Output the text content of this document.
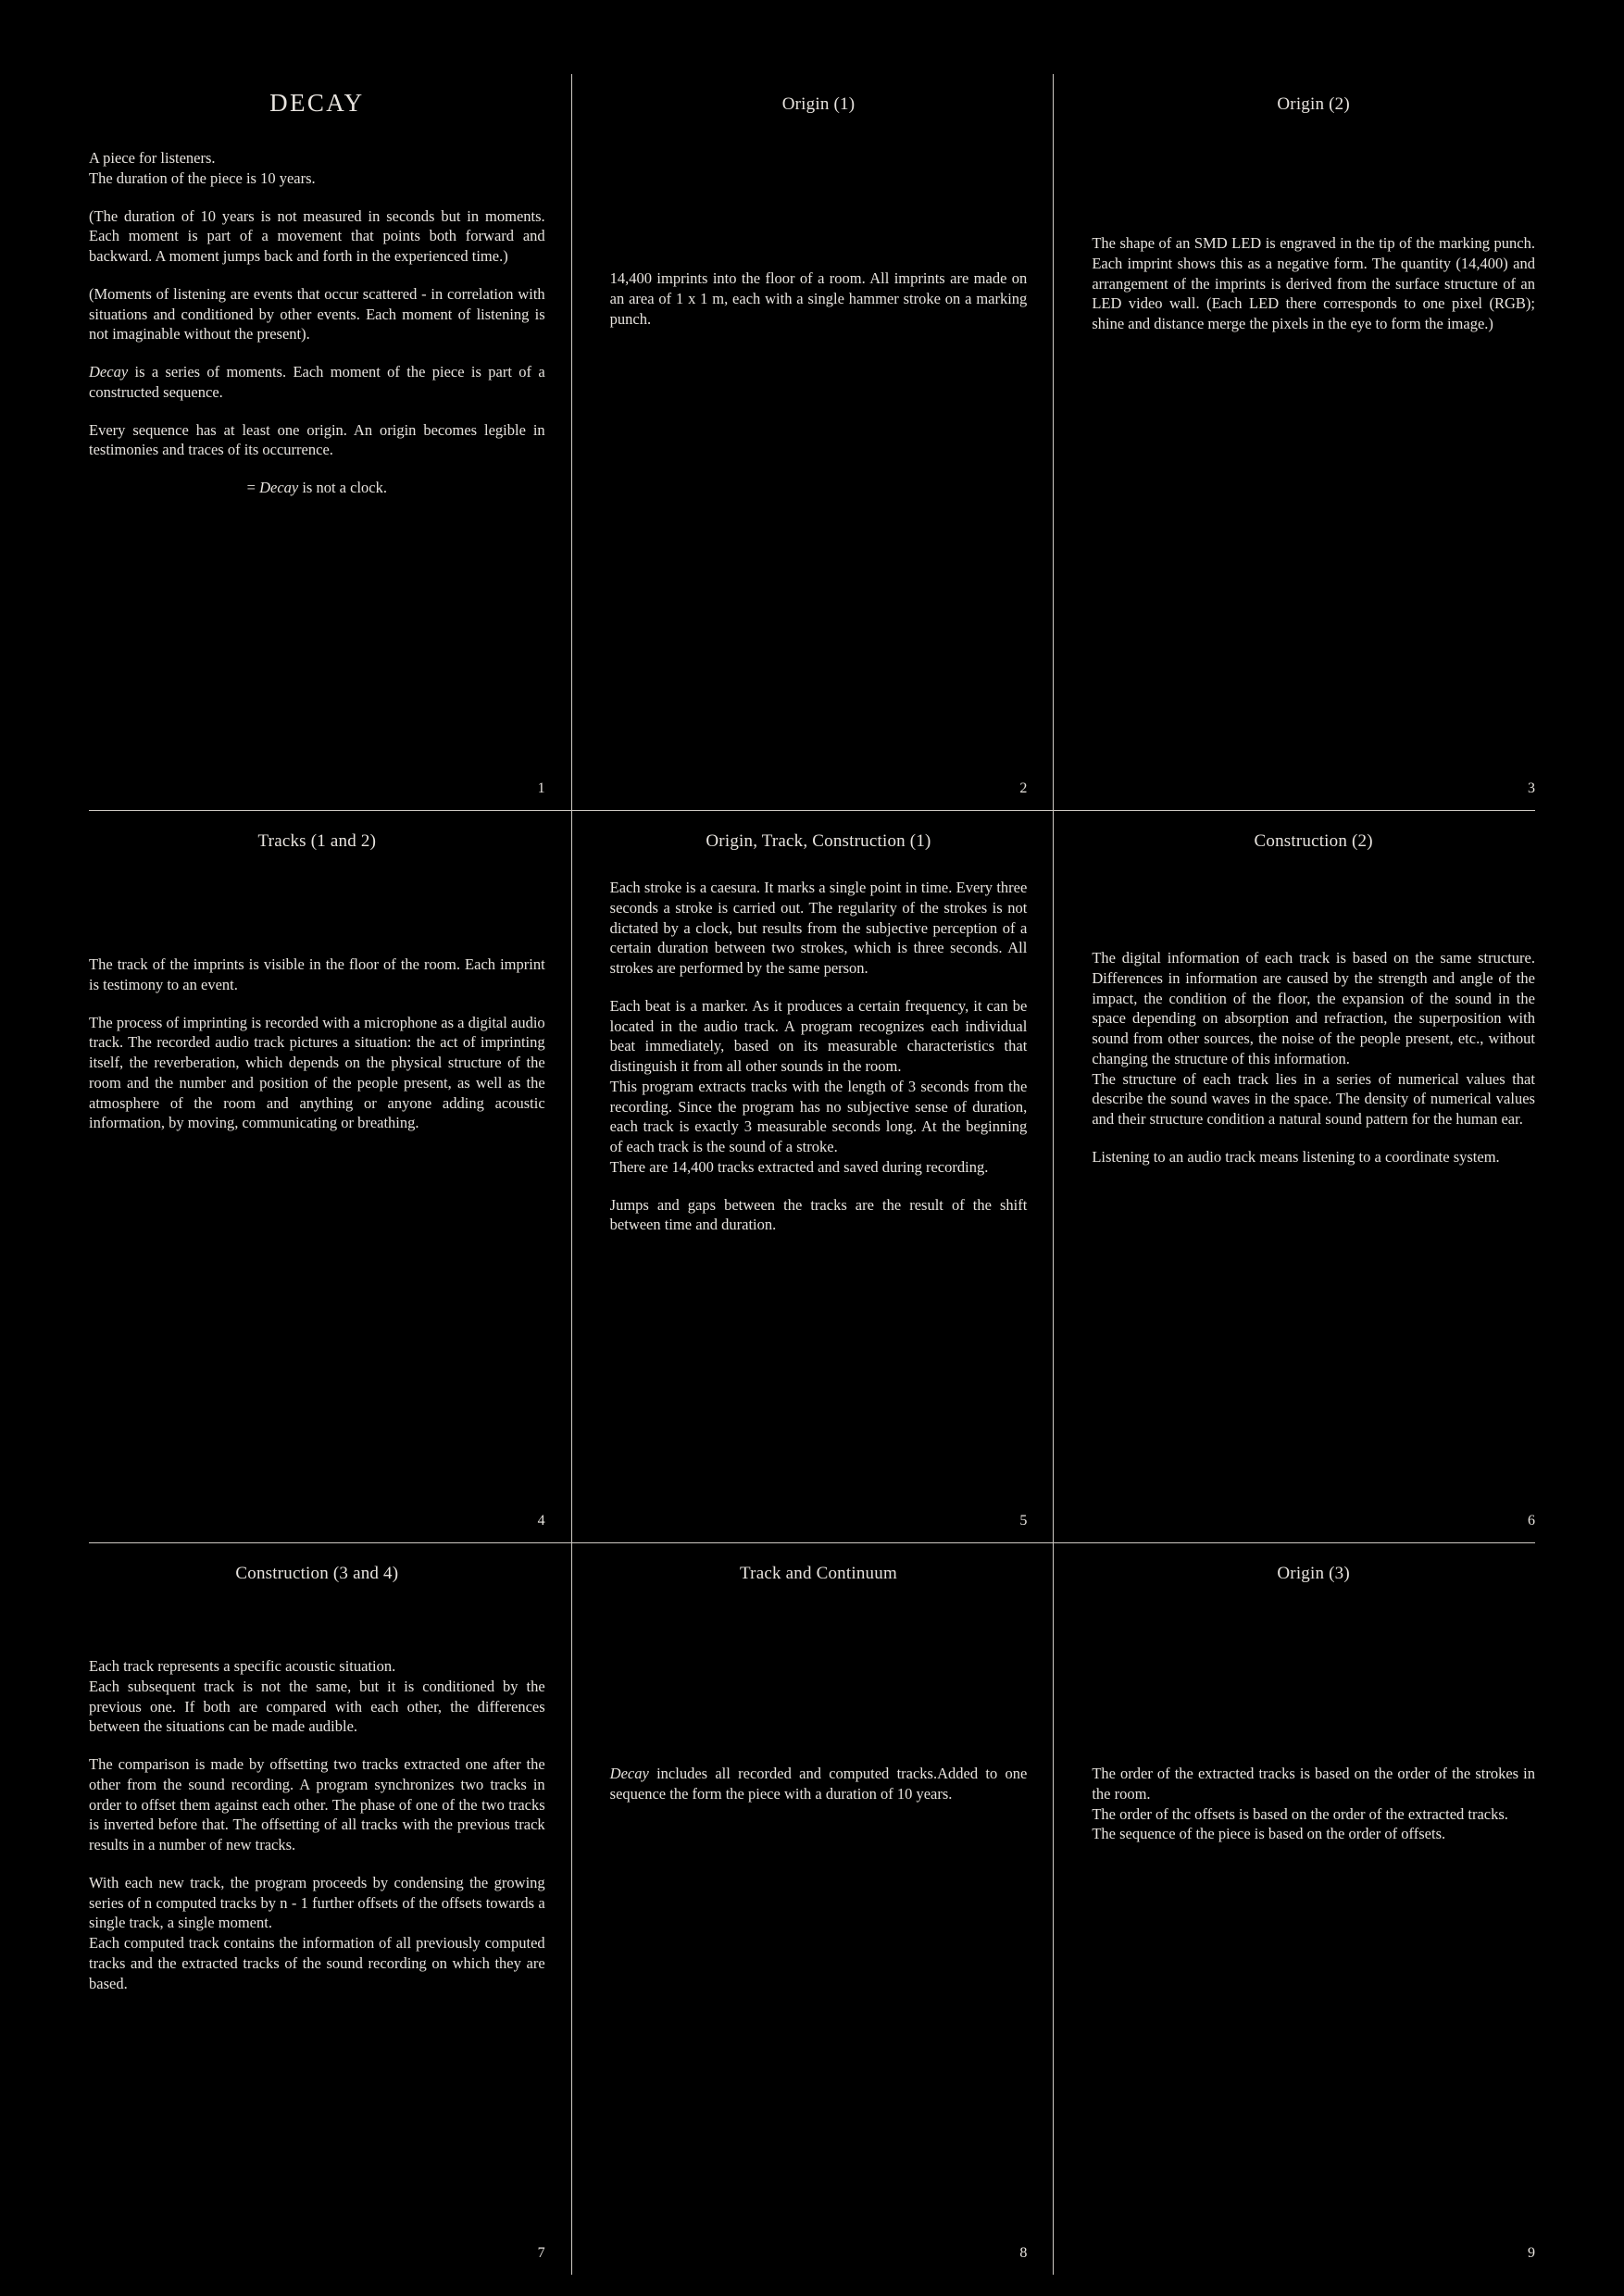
DECAY

A piece for listeners.

The duration of the piece is 10 years.

(The duration of 10 years is not measured in seconds but in moments. Each moment is part of a movement that points both forward and backward. A moment jumps back and forth in the experienced time.)

(Moments of listening are events that occur scattered - in correlation with situations and conditioned by other events. Each moment of listening is not imaginable without the present).

Decay is a series of moments. Each moment of the piece is part of a constructed sequence.

Every sequence has at least one origin. An origin becomes legible in testimonies and traces of its occurrence.

= Decay is not a clock.

1
Origin (1)

14,400 imprints into the floor of a room. All imprints are made on an area of 1 x 1 m, each with a single hammer stroke on a marking punch.

2
Origin (2)

The shape of an SMD LED is engraved in the tip of the marking punch. Each imprint shows this as a negative form. The quantity (14,400) and arrangement of the imprints is derived from the surface structure of an LED video wall. (Each LED there corresponds to one pixel (RGB); shine and distance merge the pixels in the eye to form the image.)

3
Tracks (1 and 2)

The track of the imprints is visible in the floor of the room. Each imprint is testimony to an event.

The process of imprinting is recorded with a microphone as a digital audio track. The recorded audio track pictures a situation: the act of imprinting itself, the reverberation, which depends on the physical structure of the room and the number and position of the people present, as well as the atmosphere of the room and anything or anyone adding acoustic information, by moving, communicating or breathing.

4
Origin, Track, Construction (1)

Each stroke is a caesura. It marks a single point in time. Every three seconds a stroke is carried out. The regularity of the strokes is not dictated by a clock, but results from the subjective perception of a certain duration between two strokes, which is three seconds. All strokes are performed by the same person.

Each beat is a marker. As it produces a certain frequency, it can be located in the audio track. A program recognizes each individual beat immediately, based on its measurable characteristics that distinguish it from all other sounds in the room.

This program extracts tracks with the length of 3 seconds from the recording. Since the program has no subjective sense of duration, each track is exactly 3 measurable seconds long. At the beginning of each track is the sound of a stroke.

There are 14,400 tracks extracted and saved during recording.

Jumps and gaps between the tracks are the result of the shift between time and duration.

5
Construction (2)

The digital information of each track is based on the same structure. Differences in information are caused by the strength and angle of the impact, the condition of the floor, the expansion of the sound in the space depending on absorption and refraction, the superposition with sound from other sources, the noise of the people present, etc., without changing the structure of this information.

The structure of each track lies in a series of numerical values that describe the sound waves in the space. The density of numerical values and their structure condition a natural sound pattern for the human ear.

Listening to an audio track means listening to a coordinate system.

6
Construction (3 and 4)

Each track represents a specific acoustic situation.

Each subsequent track is not the same, but it is conditioned by the previous one. If both are compared with each other, the differences between the situations can be made audible.

The comparison is made by offsetting two tracks extracted one after the other from the sound recording. A program synchronizes two tracks in order to offset them against each other. The phase of one of the two tracks is inverted before that. The offsetting of all tracks with the previous track results in a number of new tracks.

With each new track, the program proceeds by condensing the growing series of n computed tracks by n - 1 further offsets of the offsets towards a single track, a single moment.

Each computed track contains the information of all previously computed tracks and the extracted tracks of the sound recording on which they are based.

7
Track and Continuum

Decay includes all recorded and computed tracks.Added to one sequence the form the piece with a duration of 10 years.

8
Origin (3)

The order of the extracted tracks is based on the order of the strokes in the room.

The order of thc offsets is based on the order of the extracted tracks.

The sequence of the piece is based on the order of offsets.

9
